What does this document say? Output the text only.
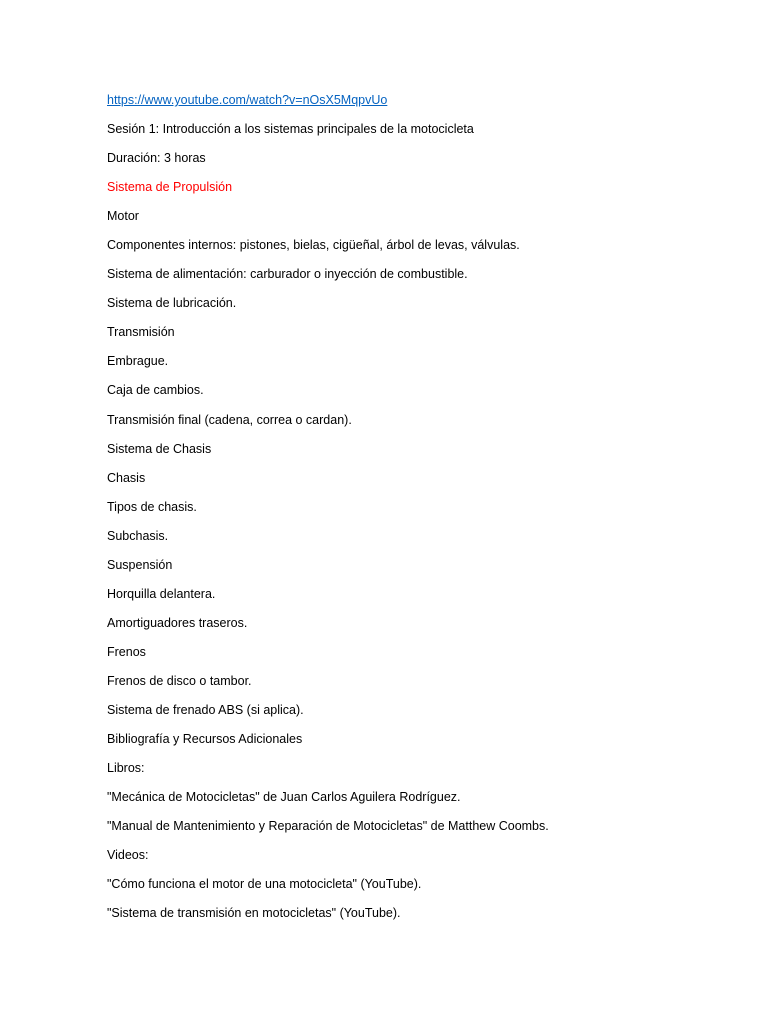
https://www.youtube.com/watch?v=nOsX5MqpvUo
Sesión 1: Introducción a los sistemas principales de la motocicleta
Duración: 3 horas
Sistema de Propulsión
Motor
Componentes internos: pistones, bielas, cigüeñal, árbol de levas, válvulas.
Sistema de alimentación: carburador o inyección de combustible.
Sistema de lubricación.
Transmisión
Embrague.
Caja de cambios.
Transmisión final (cadena, correa o cardan).
Sistema de Chasis
Chasis
Tipos de chasis.
Subchasis.
Suspensión
Horquilla delantera.
Amortiguadores traseros.
Frenos
Frenos de disco o tambor.
Sistema de frenado ABS (si aplica).
Bibliografía y Recursos Adicionales
Libros:
"Mecánica de Motocicletas" de Juan Carlos Aguilera Rodríguez.
"Manual de Mantenimiento y Reparación de Motocicletas" de Matthew Coombs.
Videos:
"Cómo funciona el motor de una motocicleta" (YouTube).
"Sistema de transmisión en motocicletas" (YouTube).
